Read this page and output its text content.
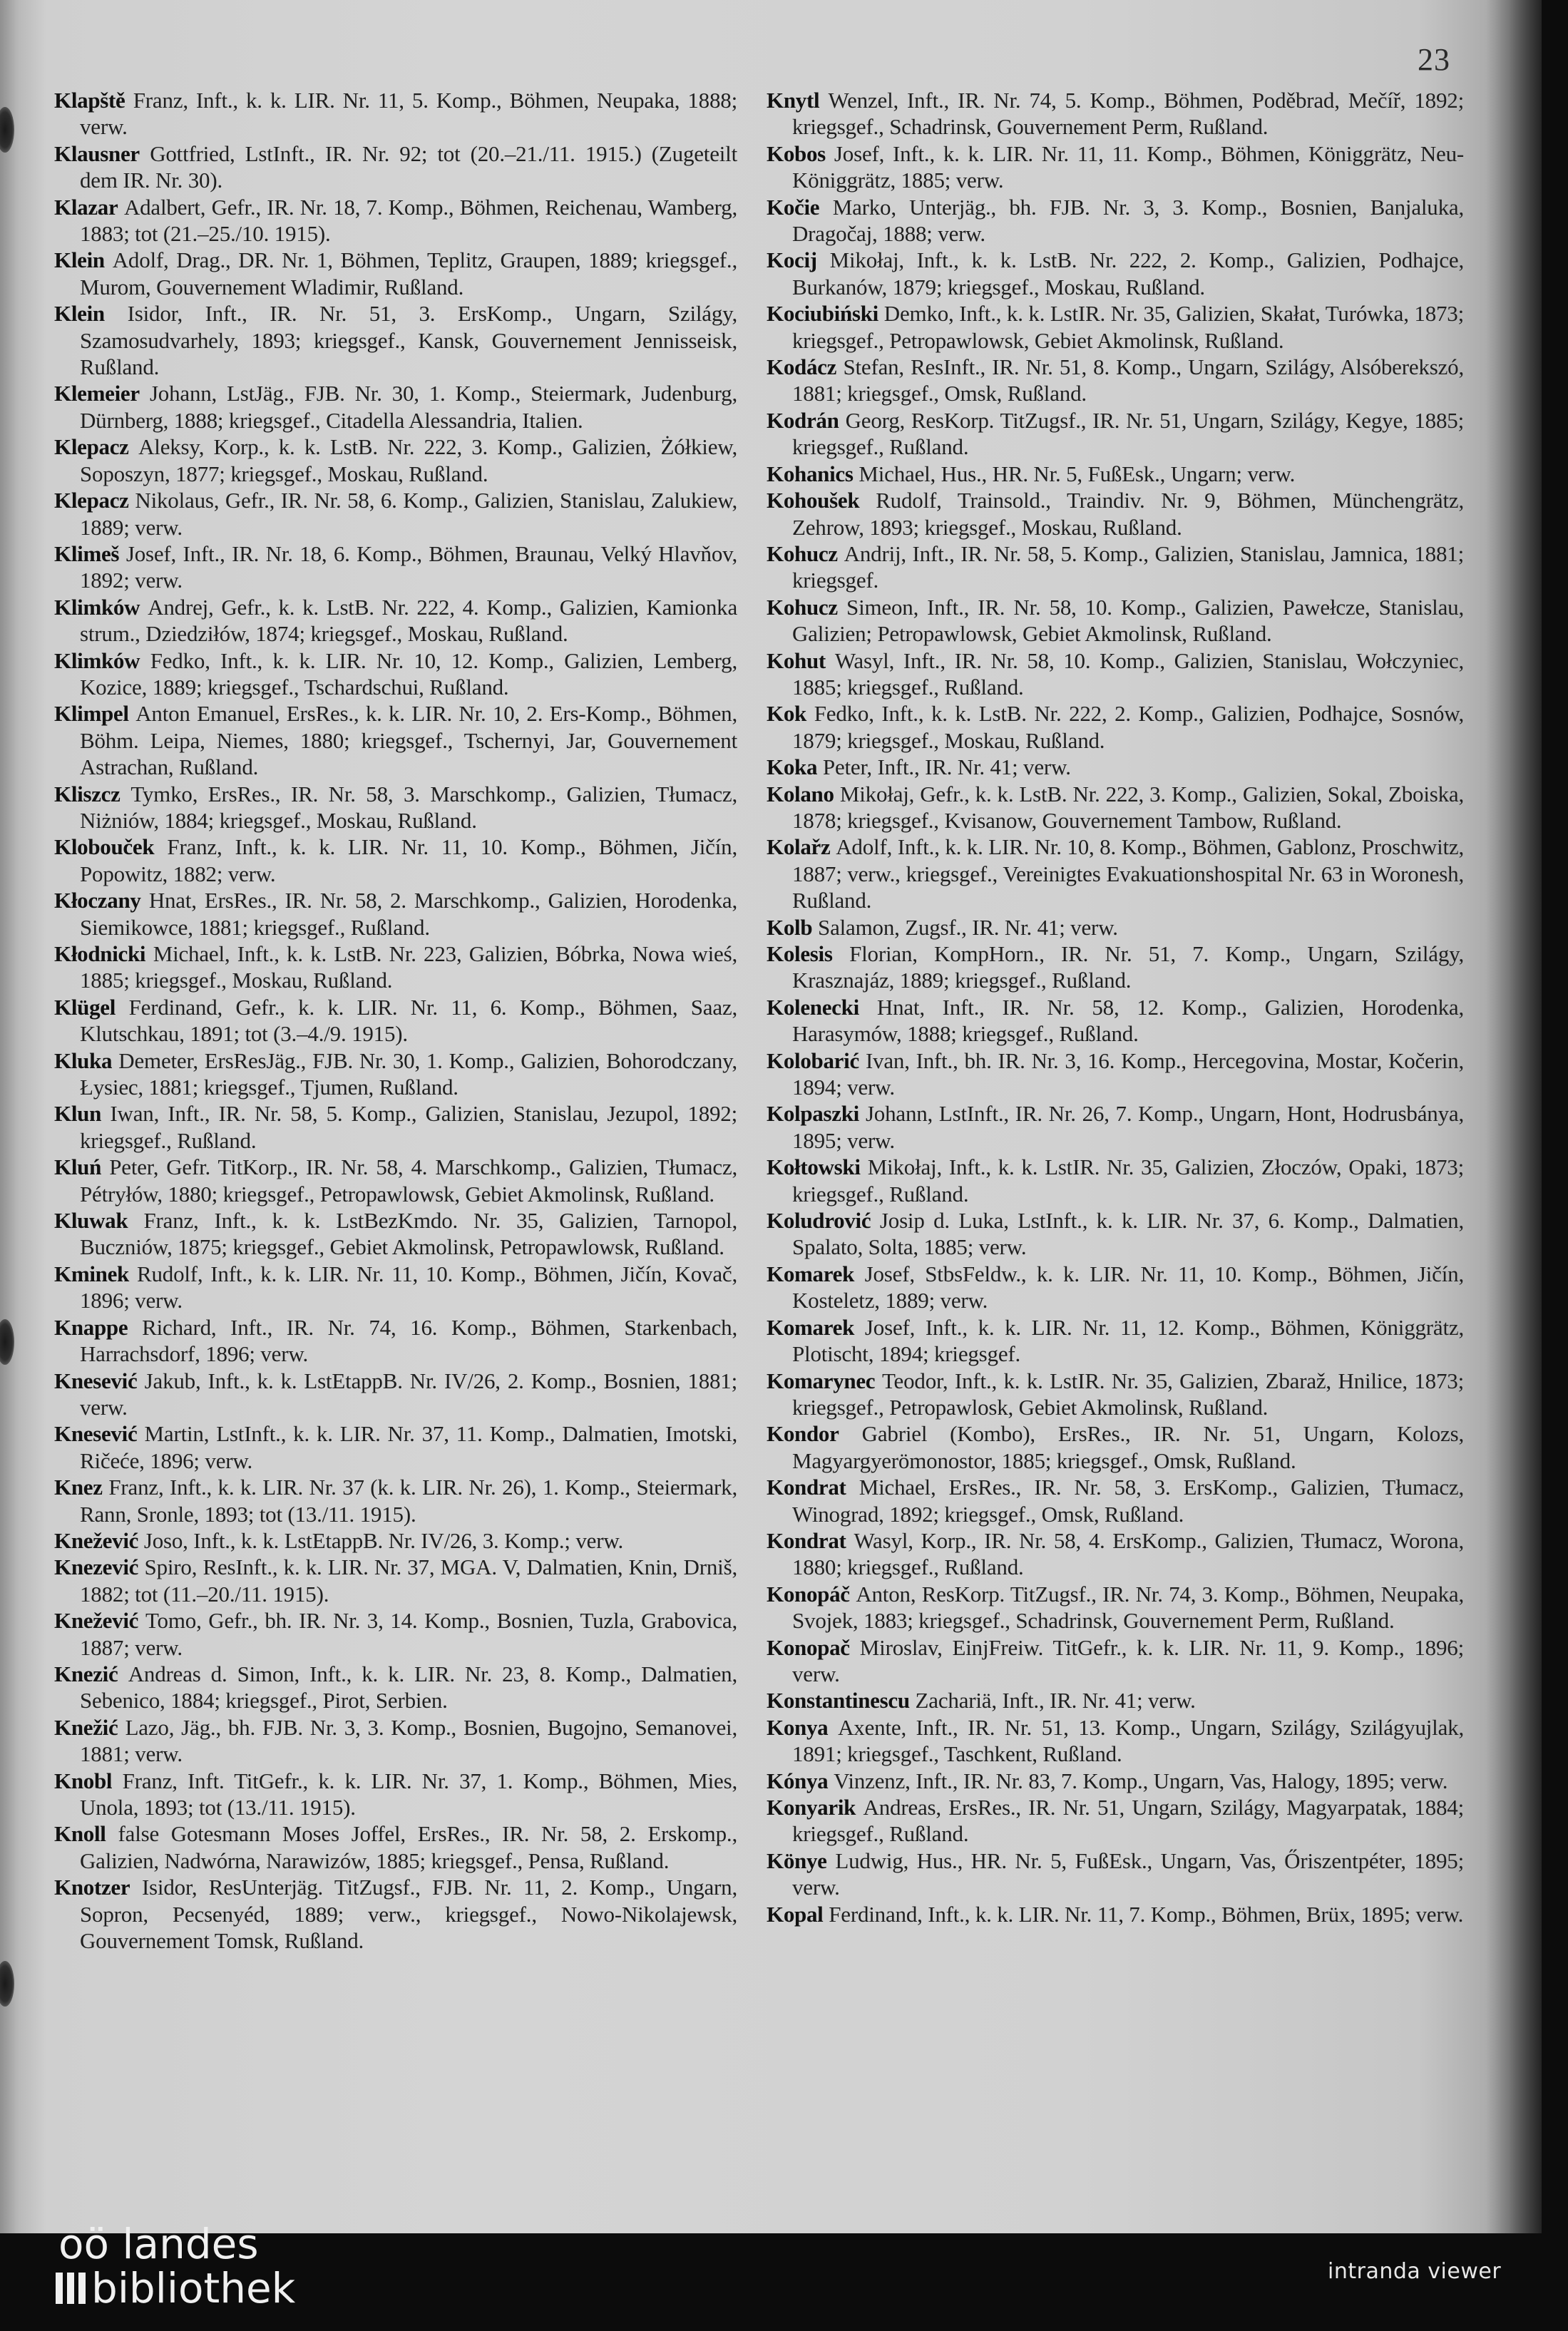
23
Klapště Franz, Inft., k. k. LIR. Nr. 11, 5. Komp., Böhmen, Neupaka, 1888; verw.
Klausner Gottfried, LstInft., IR. Nr. 92; tot (20.–21./11. 1915.) (Zugeteilt dem IR. Nr. 30).
Klazar Adalbert, Gefr., IR. Nr. 18, 7. Komp., Böhmen, Reichenau, Wamberg, 1883; tot (21.–25./10. 1915).
Klein Adolf, Drag., DR. Nr. 1, Böhmen, Teplitz, Graupen, 1889; kriegsgef., Murom, Gouvernement Wladimir, Rußland.
Klein Isidor, Inft., IR. Nr. 51, 3. ErsKomp., Ungarn, Szilágy, Szamosudvarhely, 1893; kriegsgef., Kansk, Gouvernement Jennisseisk, Rußland.
Klemeier Johann, LstJäg., FJB. Nr. 30, 1. Komp., Steiermark, Judenburg, Dürnberg, 1888; kriegsgef., Citadella Alessandria, Italien.
Klepacz Aleksy, Korp., k. k. LstB. Nr. 222, 3. Komp., Galizien, Żółkiew, Soposzyn, 1877; kriegsgef., Moskau, Rußland.
Klepacz Nikolaus, Gefr., IR. Nr. 58, 6. Komp., Galizien, Stanislau, Zalukiew, 1889; verw.
Klimeš Josef, Inft., IR. Nr. 18, 6. Komp., Böhmen, Braunau, Velký Hlavňov, 1892; verw.
Klimków Andrej, Gefr., k. k. LstB. Nr. 222, 4. Komp., Galizien, Kamionka strum., Dziedziłów, 1874; kriegsgef., Moskau, Rußland.
Klimków Fedko, Inft., k. k. LIR. Nr. 10, 12. Komp., Galizien, Lemberg, Kozice, 1889; kriegsgef., Tschardschui, Rußland.
Klimpel Anton Emanuel, ErsRes., k. k. LIR. Nr. 10, 2. Ers-Komp., Böhmen, Böhm. Leipa, Niemes, 1880; kriegsgef., Tschernyi, Jar, Gouvernement Astrachan, Rußland.
Kliszcz Tymko, ErsRes., IR. Nr. 58, 3. Marschkomp., Galizien, Tłumacz, Niżniów, 1884; kriegsgef., Moskau, Rußland.
Klobouček Franz, Inft., k. k. LIR. Nr. 11, 10. Komp., Böhmen, Jičín, Popowitz, 1882; verw.
Kłoczany Hnat, ErsRes., IR. Nr. 58, 2. Marschkomp., Galizien, Horodenka, Siemikowce, 1881; kriegsgef., Rußland.
Kłodnicki Michael, Inft., k. k. LstB. Nr. 223, Galizien, Bóbrka, Nowa wieś, 1885; kriegsgef., Moskau, Rußland.
Klügel Ferdinand, Gefr., k. k. LIR. Nr. 11, 6. Komp., Böhmen, Saaz, Klutschkau, 1891; tot (3.–4./9. 1915).
Kluka Demeter, ErsResJäg., FJB. Nr. 30, 1. Komp., Galizien, Bohorodczany, Łysiec, 1881; kriegsgef., Tjumen, Rußland.
Klun Iwan, Inft., IR. Nr. 58, 5. Komp., Galizien, Stanislau, Jezupol, 1892; kriegsgef., Rußland.
Kluń Peter, Gefr. TitKorp., IR. Nr. 58, 4. Marschkomp., Galizien, Tłumacz, Pétryłów, 1880; kriegsgef., Petropawlowsk, Gebiet Akmolinsk, Rußland.
Kluwak Franz, Inft., k. k. LstBezKmdo. Nr. 35, Galizien, Tarnopol, Buczniów, 1875; kriegsgef., Gebiet Akmolinsk, Petropawlowsk, Rußland.
Kminek Rudolf, Inft., k. k. LIR. Nr. 11, 10. Komp., Böhmen, Jičín, Kovač, 1896; verw.
Knappe Richard, Inft., IR. Nr. 74, 16. Komp., Böhmen, Starkenbach, Harrachsdorf, 1896; verw.
Knesević Jakub, Inft., k. k. LstEtappB. Nr. IV/26, 2. Komp., Bosnien, 1881; verw.
Knesević Martin, LstInft., k. k. LIR. Nr. 37, 11. Komp., Dalmatien, Imotski, Ričeće, 1896; verw.
Knez Franz, Inft., k. k. LIR. Nr. 37 (k. k. LIR. Nr. 26), 1. Komp., Steiermark, Rann, Sronle, 1893; tot (13./11. 1915).
Knežević Joso, Inft., k. k. LstEtappB. Nr. IV/26, 3. Komp.; verw.
Knezević Spiro, ResInft., k. k. LIR. Nr. 37, MGA. V, Dalmatien, Knin, Drniš, 1882; tot (11.–20./11. 1915).
Knežević Tomo, Gefr., bh. IR. Nr. 3, 14. Komp., Bosnien, Tuzla, Grabovica, 1887; verw.
Knezić Andreas d. Simon, Inft., k. k. LIR. Nr. 23, 8. Komp., Dalmatien, Sebenico, 1884; kriegsgef., Pirot, Serbien.
Knežić Lazo, Jäg., bh. FJB. Nr. 3, 3. Komp., Bosnien, Bugojno, Semanovei, 1881; verw.
Knobl Franz, Inft. TitGefr., k. k. LIR. Nr. 37, 1. Komp., Böhmen, Mies, Unola, 1893; tot (13./11. 1915).
Knoll false Gotesmann Moses Joffel, ErsRes., IR. Nr. 58, 2. Erskomp., Galizien, Nadwórna, Narawizów, 1885; kriegsgef., Pensa, Rußland.
Knotzer Isidor, ResUnterjäg. TitZugsf., FJB. Nr. 11, 2. Komp., Ungarn, Sopron, Pecsenyéd, 1889; verw., kriegsgef., Nowo-Nikolajewsk, Gouvernement Tomsk, Rußland.
Knytl Wenzel, Inft., IR. Nr. 74, 5. Komp., Böhmen, Poděbrad, Mečíř, 1892; kriegsgef., Schadrinsk, Gouvernement Perm, Rußland.
Kobos Josef, Inft., k. k. LIR. Nr. 11, 11. Komp., Böhmen, Königgrätz, Neu-Königgrätz, 1885; verw.
Kočie Marko, Unterjäg., bh. FJB. Nr. 3, 3. Komp., Bosnien, Banjaluka, Dragočaj, 1888; verw.
Kocij Mikołaj, Inft., k. k. LstB. Nr. 222, 2. Komp., Galizien, Podhajce, Burkanów, 1879; kriegsgef., Moskau, Rußland.
Kociubiński Demko, Inft., k. k. LstIR. Nr. 35, Galizien, Skałat, Turówka, 1873; kriegsgef., Petropawlowsk, Gebiet Akmolinsk, Rußland.
Kodácz Stefan, ResInft., IR. Nr. 51, 8. Komp., Ungarn, Szilágy, Alsóberekszó, 1881; kriegsgef., Omsk, Rußland.
Kodrán Georg, ResKorp. TitZugsf., IR. Nr. 51, Ungarn, Szilágy, Kegye, 1885; kriegsgef., Rußland.
Kohanics Michael, Hus., HR. Nr. 5, FußEsk., Ungarn; verw.
Kohoušek Rudolf, Trainsold., Traindiv. Nr. 9, Böhmen, Münchengrätz, Zehrow, 1893; kriegsgef., Moskau, Rußland.
Kohucz Andrij, Inft., IR. Nr. 58, 5. Komp., Galizien, Stanislau, Jamnica, 1881; kriegsgef.
Kohucz Simeon, Inft., IR. Nr. 58, 10. Komp., Galizien, Pawełcze, Stanislau, Galizien; Petropawlowsk, Gebiet Akmolinsk, Rußland.
Kohut Wasyl, Inft., IR. Nr. 58, 10. Komp., Galizien, Stanislau, Wołczyniec, 1885; kriegsgef., Rußland.
Kok Fedko, Inft., k. k. LstB. Nr. 222, 2. Komp., Galizien, Podhajce, Sosnów, 1879; kriegsgef., Moskau, Rußland.
Koka Peter, Inft., IR. Nr. 41; verw.
Kolano Mikołaj, Gefr., k. k. LstB. Nr. 222, 3. Komp., Galizien, Sokal, Zboiska, 1878; kriegsgef., Kvisanow, Gouvernement Tambow, Rußland.
Kolařz Adolf, Inft., k. k. LIR. Nr. 10, 8. Komp., Böhmen, Gablonz, Proschwitz, 1887; verw., kriegsgef., Vereinigtes Evakuationshospital Nr. 63 in Woronesh, Rußland.
Kolb Salamon, Zugsf., IR. Nr. 41; verw.
Kolesis Florian, KompHorn., IR. Nr. 51, 7. Komp., Ungarn, Szilágy, Krasznajáz, 1889; kriegsgef., Rußland.
Kolenecki Hnat, Inft., IR. Nr. 58, 12. Komp., Galizien, Horodenka, Harasymów, 1888; kriegsgef., Rußland.
Kolobarić Ivan, Inft., bh. IR. Nr. 3, 16. Komp., Hercegovina, Mostar, Kočerin, 1894; verw.
Kolpaszki Johann, LstInft., IR. Nr. 26, 7. Komp., Ungarn, Hont, Hodrusbánya, 1895; verw.
Kołtowski Mikołaj, Inft., k. k. LstIR. Nr. 35, Galizien, Złoczów, Opaki, 1873; kriegsgef., Rußland.
Koludrović Josip d. Luka, LstInft., k. k. LIR. Nr. 37, 6. Komp., Dalmatien, Spalato, Solta, 1885; verw.
Komarek Josef, StbsFeldw., k. k. LIR. Nr. 11, 10. Komp., Böhmen, Jičín, Kosteletz, 1889; verw.
Komarek Josef, Inft., k. k. LIR. Nr. 11, 12. Komp., Böhmen, Königgrätz, Plotischt, 1894; kriegsgef.
Komarynec Teodor, Inft., k. k. LstIR. Nr. 35, Galizien, Zbaraž, Hnilice, 1873; kriegsgef., Petropawlosk, Gebiet Akmolinsk, Rußland.
Kondor Gabriel (Kombo), ErsRes., IR. Nr. 51, Ungarn, Kolozs, Magyargyerömonostor, 1885; kriegsgef., Omsk, Rußland.
Kondrat Michael, ErsRes., IR. Nr. 58, 3. ErsKomp., Galizien, Tłumacz, Winograd, 1892; kriegsgef., Omsk, Rußland.
Kondrat Wasyl, Korp., IR. Nr. 58, 4. ErsKomp., Galizien, Tłumacz, Worona, 1880; kriegsgef., Rußland.
Konopáč Anton, ResKorp. TitZugsf., IR. Nr. 74, 3. Komp., Böhmen, Neupaka, Svojek, 1883; kriegsgef., Schadrinsk, Gouvernement Perm, Rußland.
Konopač Miroslav, EinjFreiw. TitGefr., k. k. LIR. Nr. 11, 9. Komp., 1896; verw.
Konstantinescu Zachariä, Inft., IR. Nr. 41; verw.
Konya Axente, Inft., IR. Nr. 51, 13. Komp., Ungarn, Szilágy, Szilágyujlak, 1891; kriegsgef., Taschkent, Rußland.
Kónya Vinzenz, Inft., IR. Nr. 83, 7. Komp., Ungarn, Vas, Halogy, 1895; verw.
Konyarik Andreas, ErsRes., IR. Nr. 51, Ungarn, Szilágy, Magyarpatak, 1884; kriegsgef., Rußland.
Könye Ludwig, Hus., HR. Nr. 5, FußEsk., Ungarn, Vas, Őriszentpéter, 1895; verw.
Kopal Ferdinand, Inft., k. k. LIR. Nr. 11, 7. Komp., Böhmen, Brüx, 1895; verw.
oö landes
bibliothek	intranda viewer
